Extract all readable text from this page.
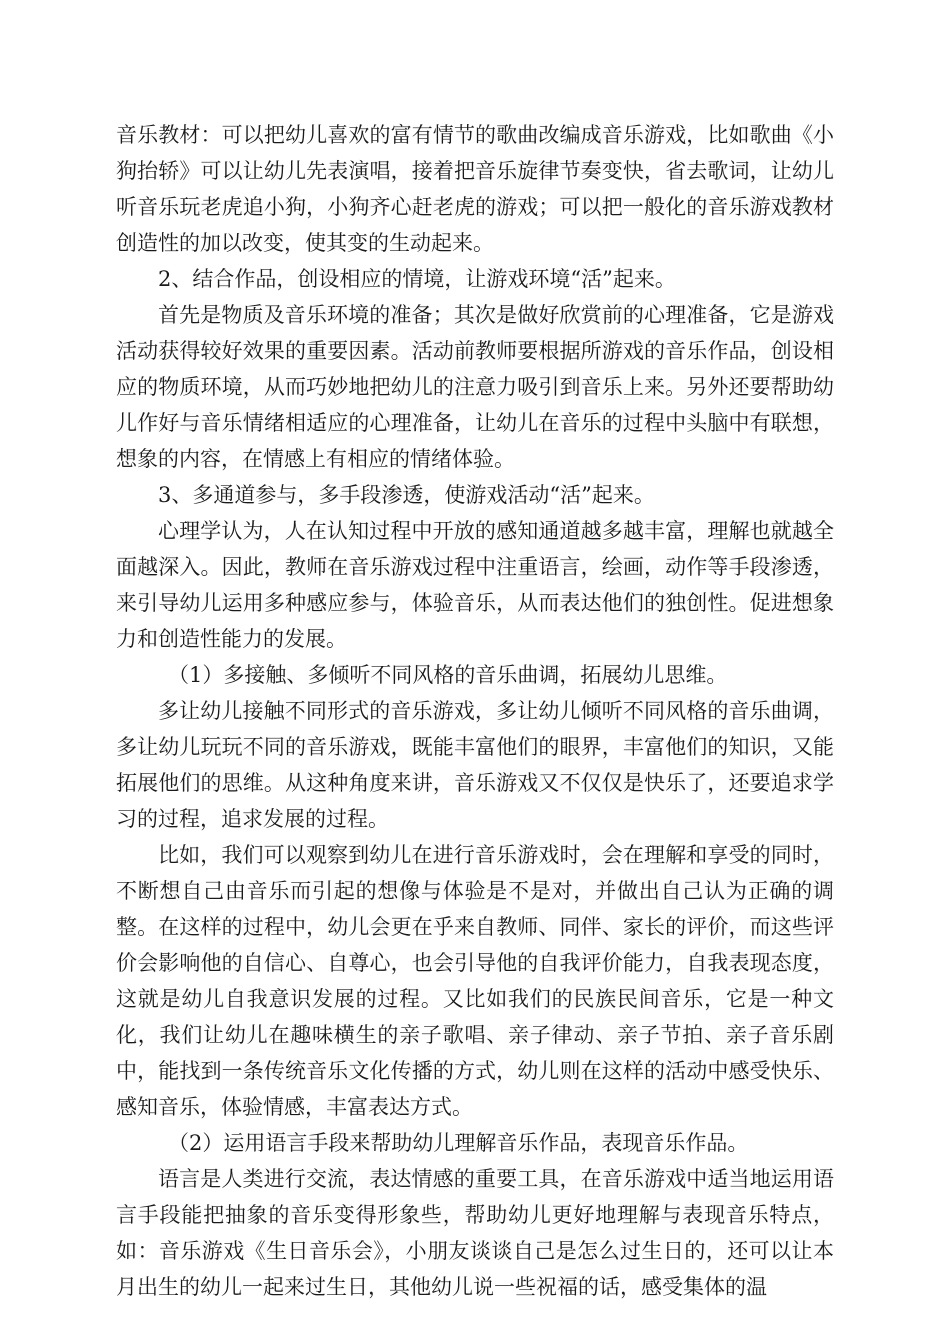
音乐教材：可以把幼儿喜欢的富有情节的歌曲改编成音乐游戏，比如歌曲《小狗抬轿》可以让幼儿先表演唱，接着把音乐旋律节奏变快，省去歌词，让幼儿听音乐玩老虎追小狗，小狗齐心赶老虎的游戏；可以把一般化的音乐游戏教材创造性的加以改变，使其变的生动起来。

2、结合作品，创设相应的情境，让游戏环境“活”起来。

首先是物质及音乐环境的准备；其次是做好欣赏前的心理准备，它是游戏活动获得较好效果的重要因素。活动前教师要根据所游戏的音乐作品，创设相应的物质环境，从而巧妙地把幼儿的注意力吸引到音乐上来。另外还要帮助幼儿作好与音乐情绪相适应的心理准备，让幼儿在音乐的过程中头脑中有联想，想象的内容，在情感上有相应的情绪体验。

3、多通道参与，多手段渗透，使游戏活动“活”起来。

心理学认为，人在认知过程中开放的感知通道越多越丰富，理解也就越全面越深入。因此，教师在音乐游戏过程中注重语言，绘画，动作等手段渗透，来引导幼儿运用多种感应参与，体验音乐，从而表达他们的独创性。促进想象力和创造性能力的发展。

（1）多接触、多倾听不同风格的音乐曲调，拓展幼儿思维。

多让幼儿接触不同形式的音乐游戏，多让幼儿倾听不同风格的音乐曲调，多让幼儿玩玩不同的音乐游戏，既能丰富他们的眼界，丰富他们的知识，又能拓展他们的思维。从这种角度来讲，音乐游戏又不仅仅是快乐了，还要追求学习的过程，追求发展的过程。

比如，我们可以观察到幼儿在进行音乐游戏时，会在理解和享受的同时，不断想自己由音乐而引起的想像与体验是不是对，并做出自己认为正确的调整。在这样的过程中，幼儿会更在乎来自教师、同伴、家长的评价，而这些评价会影响他的自信心、自尊心，也会引导他的自我评价能力，自我表现态度，这就是幼儿自我意识发展的过程。又比如我们的民族民间音乐，它是一种文化，我们让幼儿在趣味横生的亲子歌唱、亲子律动、亲子节拍、亲子音乐剧中，能找到一条传统音乐文化传播的方式，幼儿则在这样的活动中感受快乐、感知音乐，体验情感，丰富表达方式。

（2）运用语言手段来帮助幼儿理解音乐作品，表现音乐作品。

语言是人类进行交流，表达情感的重要工具，在音乐游戏中适当地运用语言手段能把抽象的音乐变得形象些，帮助幼儿更好地理解与表现音乐特点，如：音乐游戏《生日音乐会》，小朋友谈谈自己是怎么过生日的，还可以让本月出生的幼儿一起来过生日，其他幼儿说一些祝福的话，感受集体的温
